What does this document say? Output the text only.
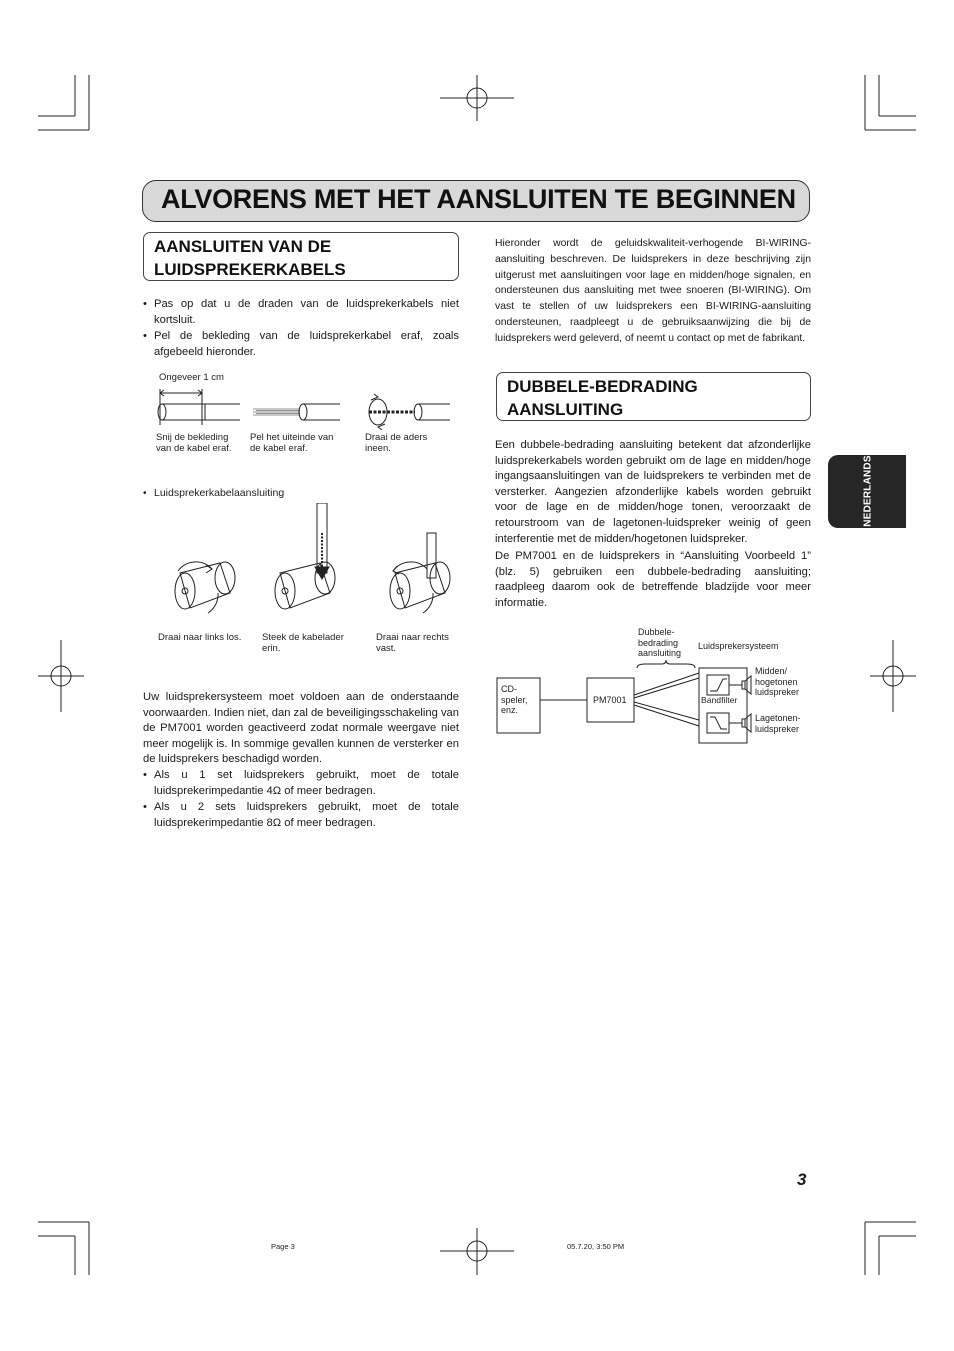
ALVORENS MET HET AANSLUITEN TE BEGINNEN
NEDERLANDS
AANSLUITEN VAN DE
LUIDSPREKERKABELS
• Pas op dat u de draden van de luidsprekerkabels niet kortsluit.
• Pel de bekleding van de luidsprekerkabel eraf, zoals afgebeeld hieronder.
Ongeveer 1 cm
Snij de bekleding
van de kabel eraf.
Pel het uiteinde van
de kabel eraf.
Draai de aders
ineen.
• Luidsprekerkabelaansluiting
Draai naar links los. Steek de kabelader
erin.
Draai naar rechts
vast.
Uw luidsprekersysteem moet voldoen aan de onderstaande voorwaarden. Indien niet, dan zal de beveiligingsschakeling van de PM7001 worden geactiveerd zodat normale weergave niet meer mogelijk is. In sommige gevallen kunnen de versterker en de luidsprekers beschadigd worden.
• Als u 1 set luidsprekers gebruikt, moet de totale luidsprekerimpedantie 4Ω of meer bedragen.
• Als u 2 sets luidsprekers gebruikt, moet de totale luidsprekerimpedantie 8Ω of meer bedragen.
Hieronder wordt de geluidskwaliteit-verhogende BI-WIRING-aansluiting beschreven. De luidsprekers in deze beschrijving zijn uitgerust met aansluitingen voor lage en midden/hoge signalen, en ondersteunen dus aansluiting met twee snoeren (BI-WIRING). Om vast te stellen of uw luidsprekers een BI-WIRING-aansluiting ondersteunen, raadpleegt u de gebruiksaanwijzing die bij de luidsprekers werd geleverd, of neemt u contact op met de fabrikant.
DUBBELE-BEDRADING
AANSLUITING
Een dubbele-bedrading aansluiting betekent dat afzonderlijke luidsprekerkabels worden gebruikt om de lage en midden/hoge ingangsaansluitingen van de luidsprekers te verbinden met de versterker. Aangezien afzonderlijke kabels worden gebruikt voor de lage en de midden/hoge tonen, veroorzaakt de retourstroom van de lagetonen-luidspreker weinig of geen interferentie met de midden/hogetonen luidspreker.
De PM7001 en de luidsprekers in “Aansluiting Voorbeeld 1” (blz. 5) gebruiken een dubbele-bedrading aansluiting; raadpleeg daarom ook de betreffende bladzijde voor meer informatie.
CD-
speler,
enz.
PM7001
Dubbele-
bedrading
aansluiting
Luidsprekersysteem
Bandfilter
Midden/
hogetonen
luidspreker
Lagetonen-
luidspreker
3
Page 3	05.7.20, 3:50 PM
